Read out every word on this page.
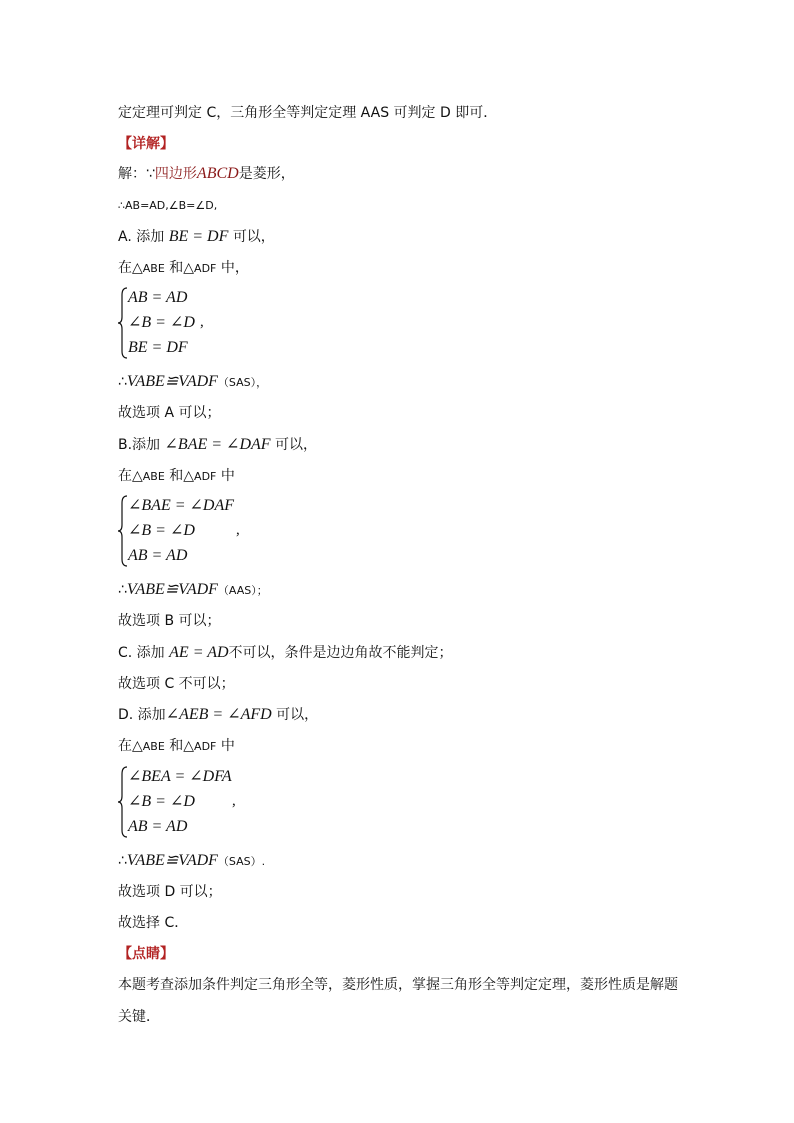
定定理可判定 C，三角形全等判定定理 AAS 可判定 D 即可．
【详解】
解：∵四边形ABCD是菱形，
∴AB=AD,∠B=∠D,
A. 添加 BE = DF 可以，
在△ABE 和△ADF 中，
AB = AD
∠B = ∠D ,
BE = DF
∴VABE≌VADF（SAS），
故选项 A 可以；
B.添加 ∠BAE = ∠DAF 可以，
在△ABE 和△ADF 中
∠BAE = ∠DAF
∠B = ∠D	,
AB = AD
∴VABE≌VADF（AAS）；
故选项 B 可以；
C. 添加 AE = AD不可以，条件是边边角故不能判定；
故选项 C 不可以；
D. 添加∠AEB = ∠AFD 可以，
在△ABE 和△ADF 中
∠BEA = ∠DFA
∠B = ∠D ,
AB = AD
∴VABE≌VADF（SAS）.
故选项 D 可以；
故选择 C．
【点睛】
本题考查添加条件判定三角形全等，菱形性质，掌握三角形全等判定定理，菱形性质是解题
关键．
